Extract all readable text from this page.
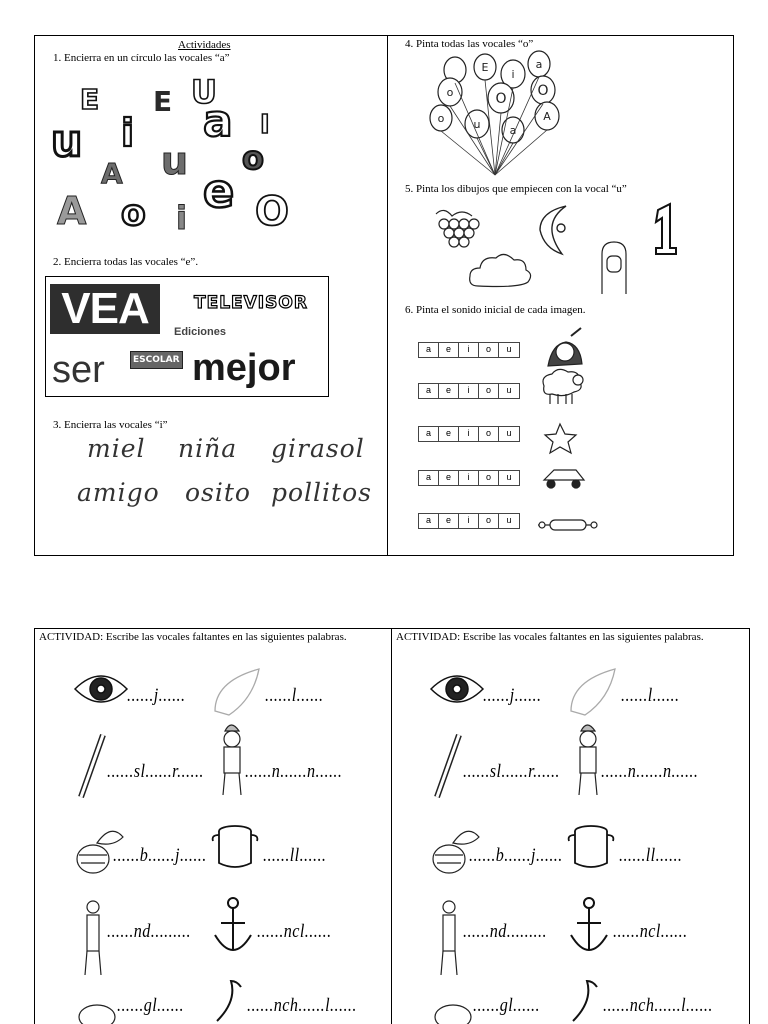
Actividades
1. Encierra en un círculo las vocales “a”
E E U
u i a I
A u o
e
A o i O
2. Encierra todas las vocales “e”.
VEA	TELEVISOR
Ediciones
ser	ESCOLAR mejor
3. Encierra las vocales “i”
miel niña girasol
amigo osito pollitos
4. Pinta todas las vocales “o”
E
i
a
o	O
o
O
u	a
A
5. Pinta los dibujos que empiecen con la vocal “u”
6. Pinta el sonido inicial de cada imagen.
a	e	i	o	u
a	e	i	o	u
a	e	i	o	u
a	e	i	o	u
a	e	i	o	u
ACTIVIDAD: Escribe las vocales faltantes en las siguientes palabras.
......j......	......l......
......sl......r...... ......n......n......
......b......j......	......ll......
......nd.........	......ncl......
......gl......	......nch......l......
ACTIVIDAD: Escribe las vocales faltantes en las siguientes palabras.
......j......	......l......
......sl......r...... ......n......n......
......b......j......	......ll......
......nd.........	......ncl......
......gl......	......nch......l......
